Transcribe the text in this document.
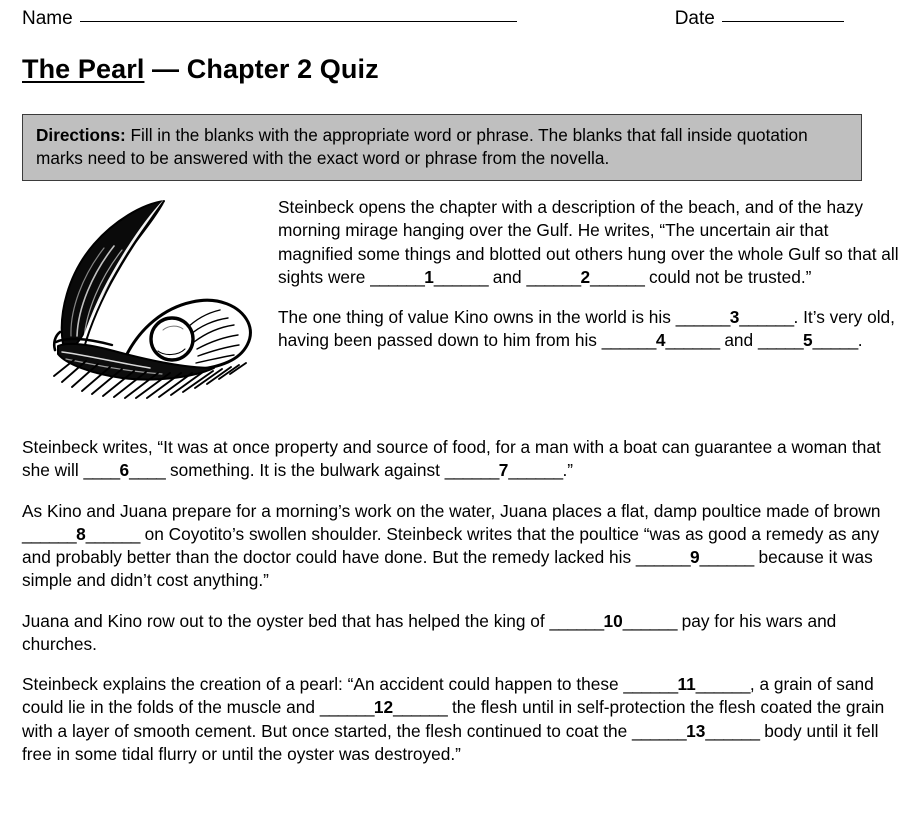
Name	Date
The Pearl — Chapter 2 Quiz
Directions: Fill in the blanks with the appropriate word or phrase. The blanks that fall inside quotation marks need to be answered with the exact word or phrase from the novella.

Steinbeck opens the chapter with a description of the beach, and of the hazy morning mirage hanging over the Gulf. He writes, “The uncertain air that magnified some things and blotted out others hung over the whole Gulf so that all sights were ______1______ and ______2______ could not be trusted.”

The one thing of value Kino owns in the world is his ______3______. It’s very old, having been passed down to him from his ______4______ and _____5_____.

Steinbeck writes, “It was at once property and source of food, for a man with a boat can guarantee a woman that she will ____6____ something. It is the bulwark against ______7______.”

As Kino and Juana prepare for a morning’s work on the water, Juana places a flat, damp poultice made of brown ______8______ on Coyotito’s swollen shoulder. Steinbeck writes that the poultice “was as good a remedy as any and probably better than the doctor could have done. But the remedy lacked his ______9______ because it was simple and didn’t cost anything.”

Juana and Kino row out to the oyster bed that has helped the king of ______10______ pay for his wars and churches.

Steinbeck explains the creation of a pearl: “An accident could happen to these ______11______, a grain of sand could lie in the folds of the muscle and ______12______ the flesh until in self-protection the flesh coated the grain with a layer of smooth cement. But once started, the flesh continued to coat the ______13______ body until it fell free in some tidal flurry or until the oyster was destroyed.”
